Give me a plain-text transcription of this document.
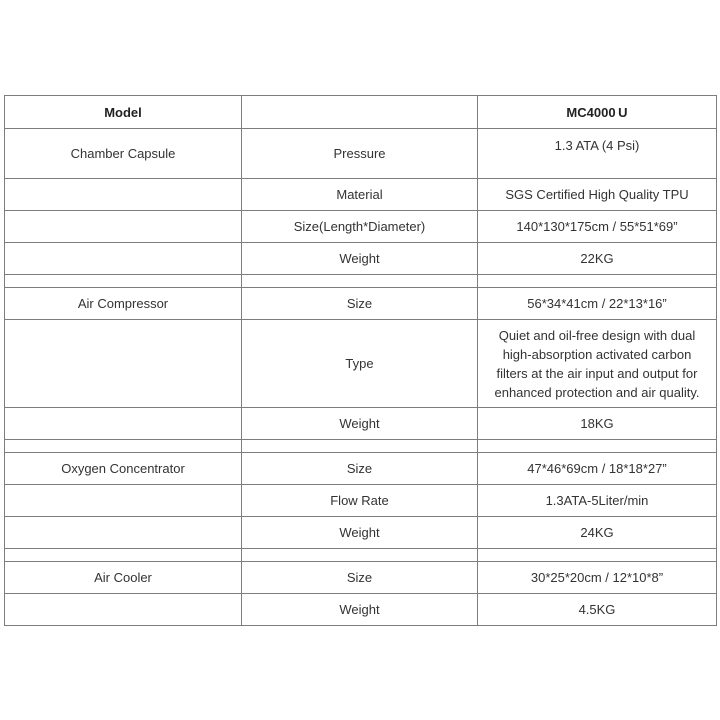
Model		MC4000 U
Chamber Capsule	Pressure	1.3 ATA (4 Psi)
	Material	SGS Certified High Quality TPU
	Size(Length*Diameter)	140*130*175cm / 55*51*69”
	Weight	22KG

Air Compressor	Size	56*34*41cm / 22*13*16”
	Type	Quiet and oil-free design with dual high-absorption activated carbon filters at the air input and output for enhanced protection and air quality.
	Weight	18KG

Oxygen Concentrator	Size	47*46*69cm / 18*18*27”
	Flow Rate	1.3ATA-5Liter/min
	Weight	24KG

Air Cooler	Size	30*25*20cm / 12*10*8”
	Weight	4.5KG
